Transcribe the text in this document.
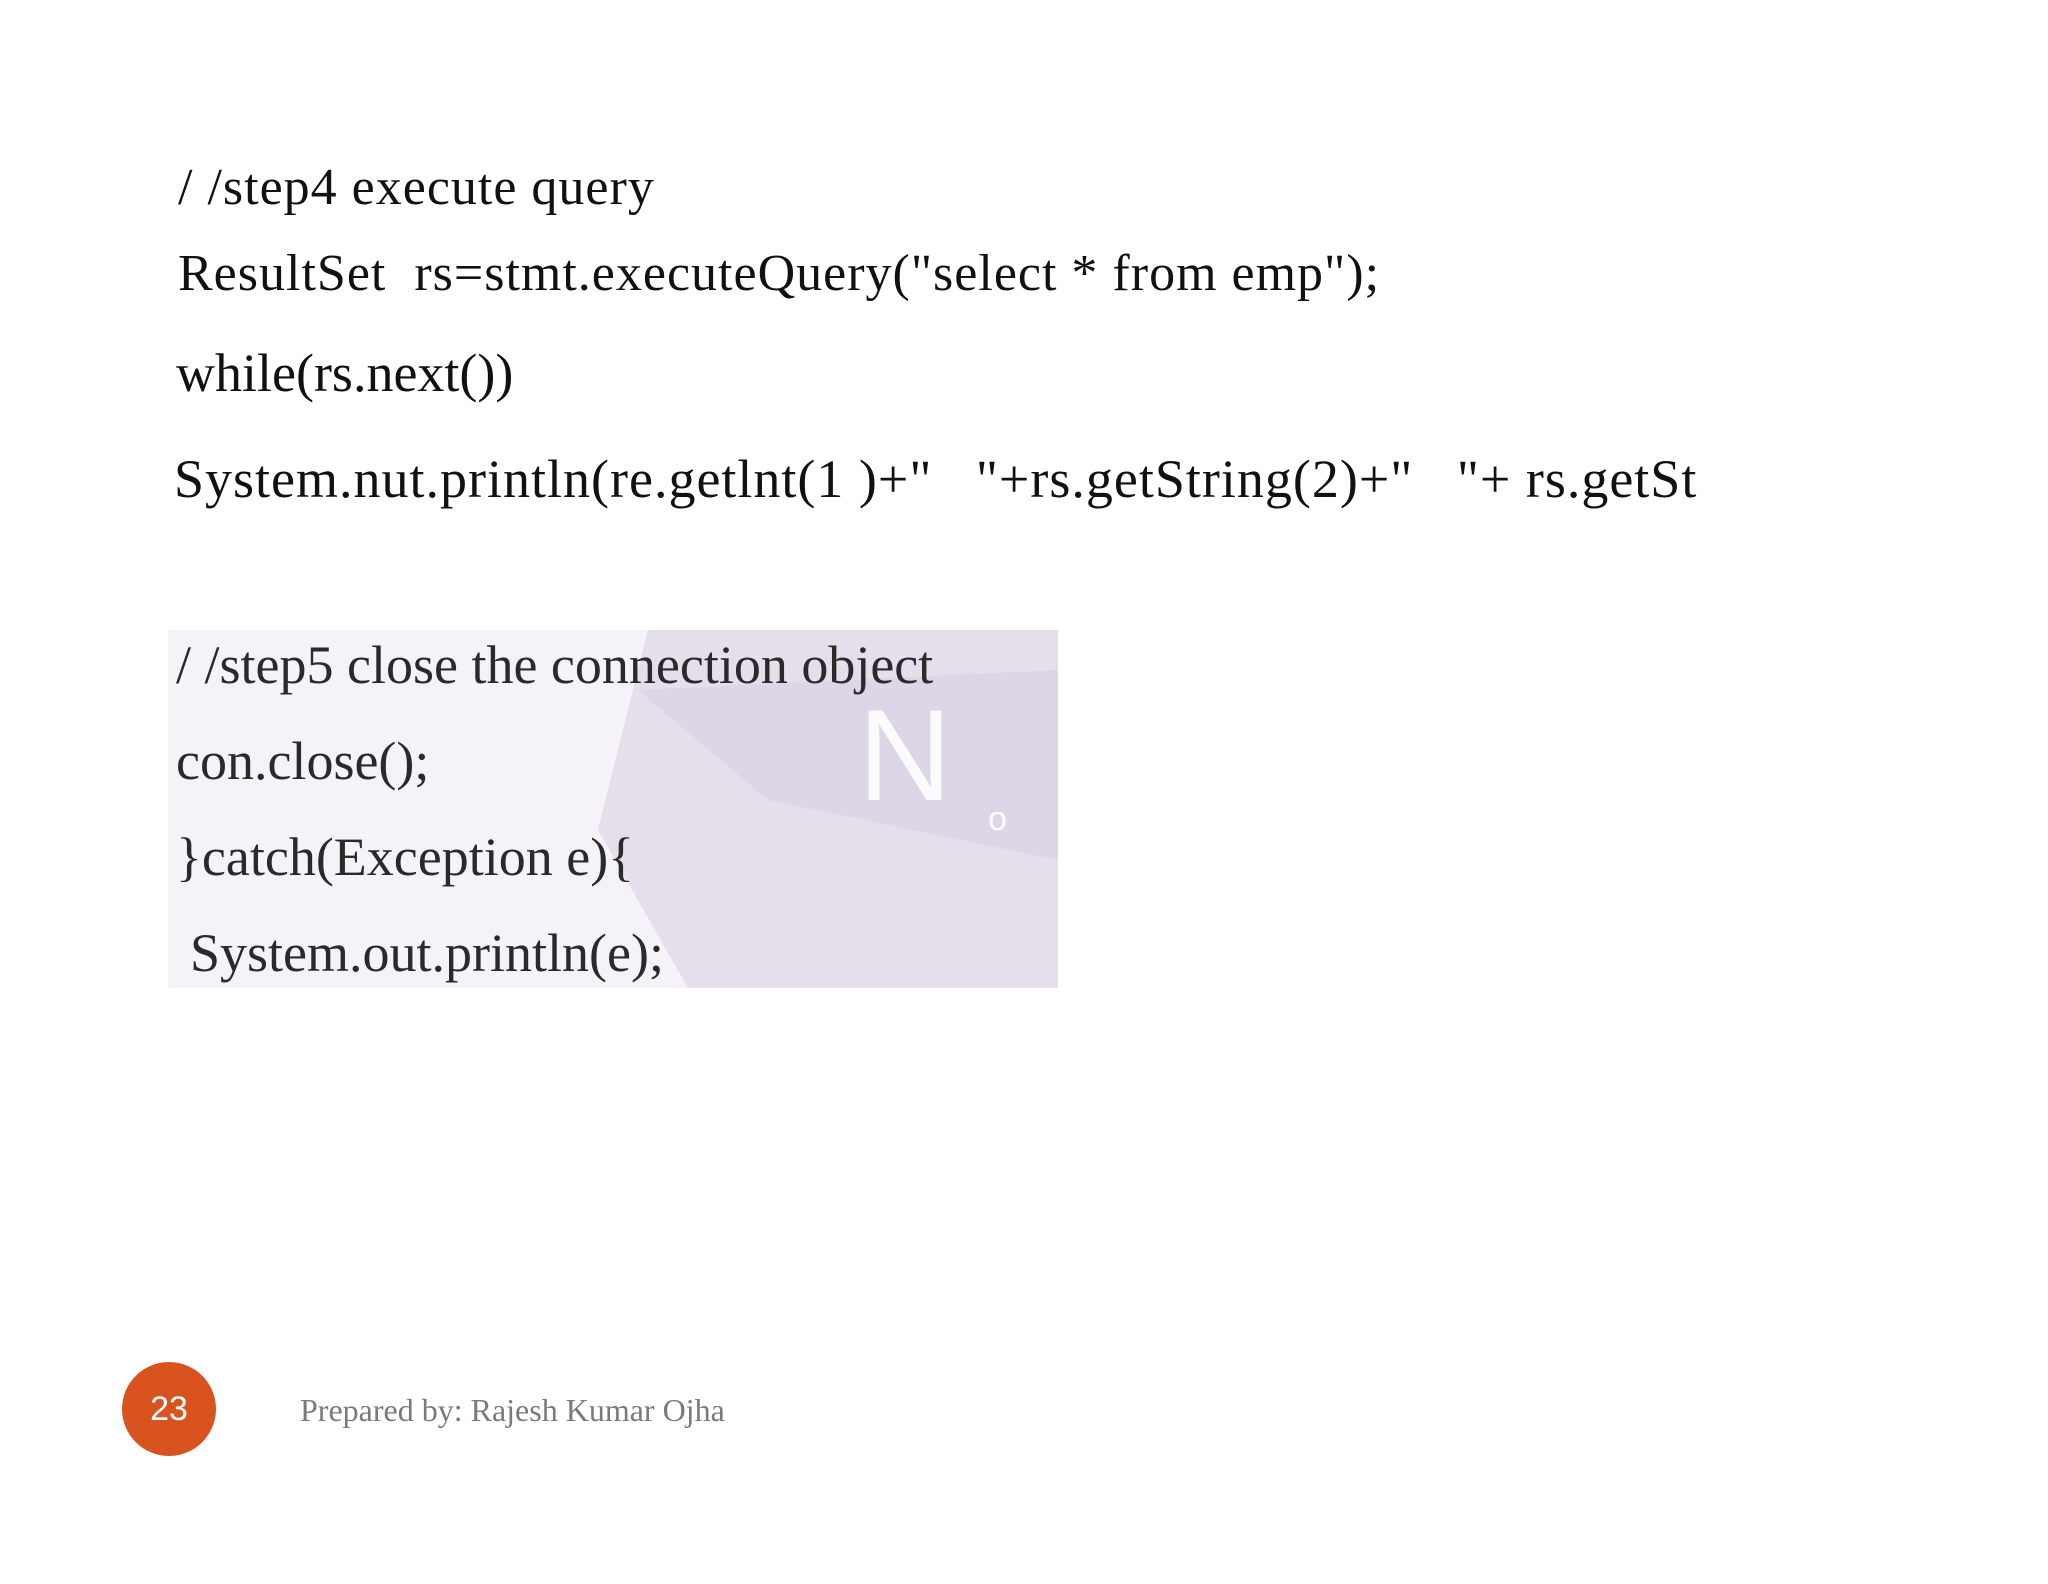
/ /step4 execute query
ResultSet  rs=stmt.executeQuery("select * from emp");
while(rs.next())
System.nut.println(re.getlnt(1 )+"   "+rs.getString(2)+"   "+ rs.getSt
N o
/ /step5 close the connection object
con.close();
}catch(Exception e){
System.out.println(e);
23	Prepared by: Rajesh Kumar Ojha
